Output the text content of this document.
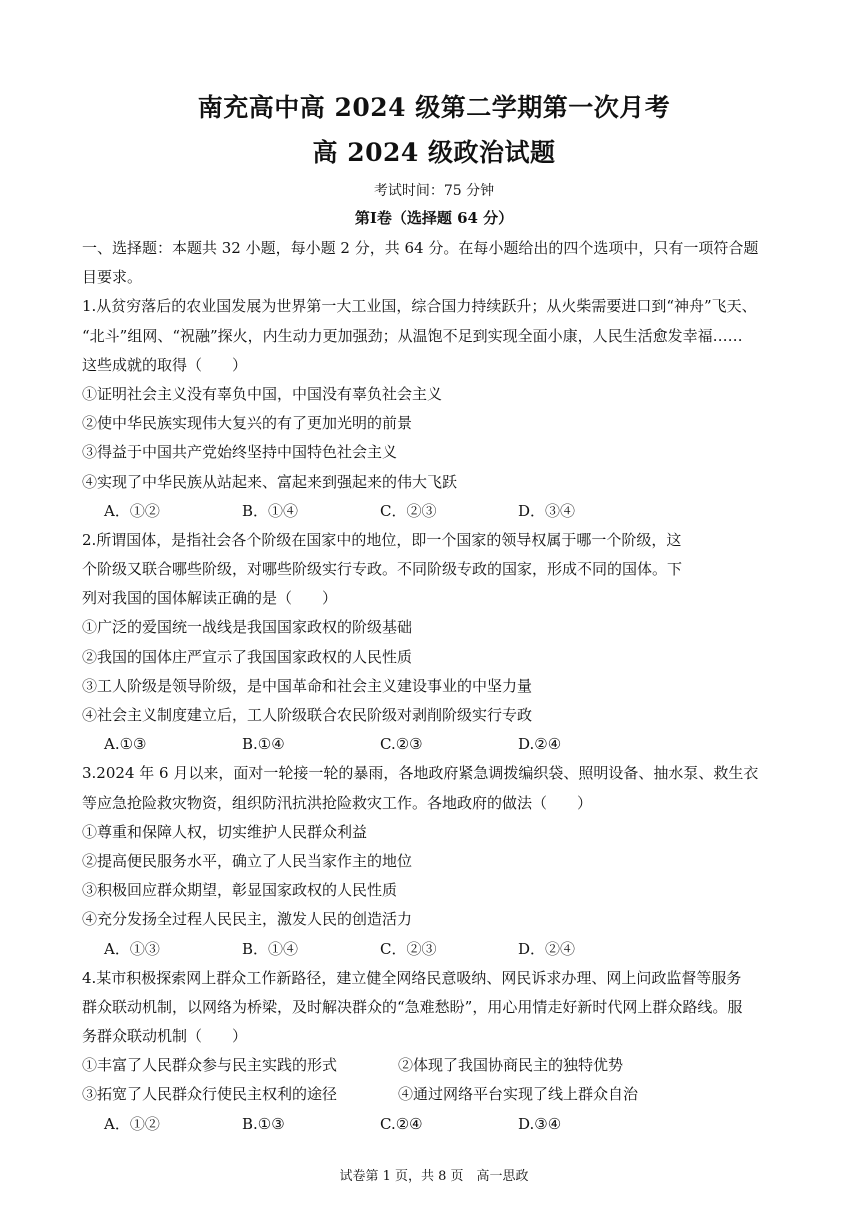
南充高中高 2024 级第二学期第一次月考
高 2024 级政治试题
考试时间：75 分钟
第Ⅰ卷（选择题 64 分）
一、选择题：本题共 32 小题，每小题 2 分，共 64 分。在每小题给出的四个选项中，只有一项符合题
目要求。
1.从贫穷落后的农业国发展为世界第一大工业国，综合国力持续跃升；从火柴需要进口到“神舟”飞天、
“北斗”组网、“祝融”探火，内生动力更加强劲；从温饱不足到实现全面小康，人民生活愈发幸福……
这些成就的取得（　　）
①证明社会主义没有辜负中国，中国没有辜负社会主义
②使中华民族实现伟大复兴的有了更加光明的前景
③得益于中国共产党始终坚持中国特色社会主义
④实现了中华民族从站起来、富起来到强起来的伟大飞跃
A．①②	B．①④	C．②③	D．③④
2.所谓国体，是指社会各个阶级在国家中的地位，即一个国家的领导权属于哪一个阶级，这
个阶级又联合哪些阶级，对哪些阶级实行专政。不同阶级专政的国家，形成不同的国体。下
列对我国的国体解读正确的是（　　）
①广泛的爱国统一战线是我国国家政权的阶级基础
②我国的国体庄严宣示了我国国家政权的人民性质
③工人阶级是领导阶级，是中国革命和社会主义建设事业的中坚力量
④社会主义制度建立后，工人阶级联合农民阶级对剥削阶级实行专政
A.①③	B.①④	C.②③	D.②④
3.2024 年 6 月以来，面对一轮接一轮的暴雨，各地政府紧急调拨编织袋、照明设备、抽水泵、救生衣
等应急抢险救灾物资，组织防汛抗洪抢险救灾工作。各地政府的做法（　　）
①尊重和保障人权，切实维护人民群众利益
②提高便民服务水平，确立了人民当家作主的地位
③积极回应群众期望，彰显国家政权的人民性质
④充分发扬全过程人民民主，激发人民的创造活力
A．①③	B．①④	C．②③	D．②④
4.某市积极探索网上群众工作新路径，建立健全网络民意吸纳、网民诉求办理、网上问政监督等服务
群众联动机制，以网络为桥梁，及时解决群众的“急难愁盼”，用心用情走好新时代网上群众路线。服
务群众联动机制（　　）
①丰富了人民群众参与民主实践的形式	②体现了我国协商民主的独特优势
③拓宽了人民群众行使民主权利的途径	④通过网络平台实现了线上群众自治
A．①②	B.①③	C.②④	D.③④
试卷第 1 页，共 8 页　高一思政
